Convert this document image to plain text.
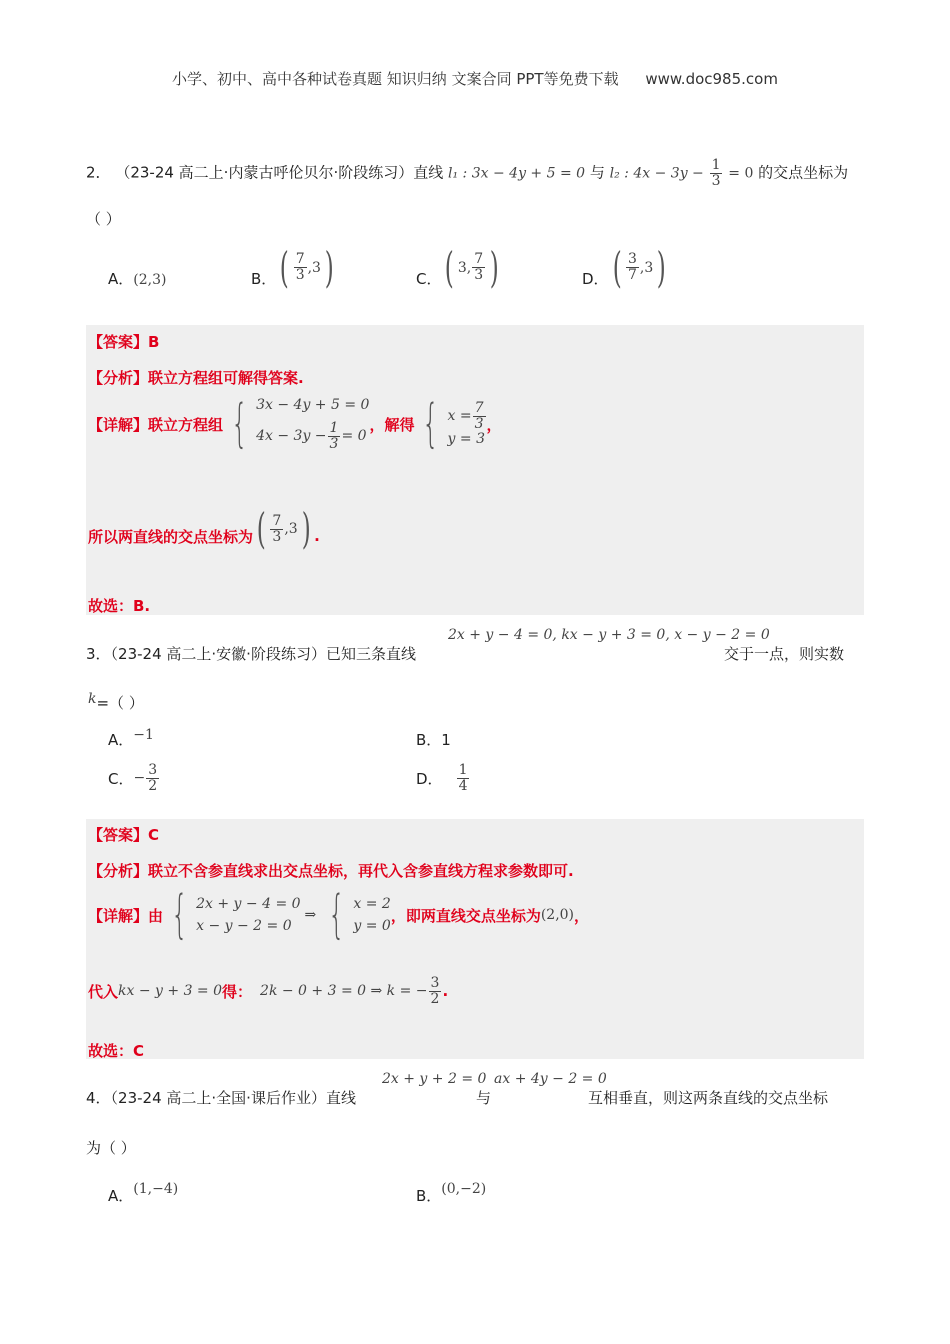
小学、初中、高中各种试卷真题 知识归纳 文案合同 PPT等免费下载 www.doc985.com
2． （23-24 高二上·内蒙古呼伦贝尔·阶段练习）直线 l₁ : 3x − 4y + 5 = 0 与 l₂ : $4x - 3y - \frac{1}{3} = 0$ 的交点坐标为
（ ）
A．(2,3)	B． ( $\frac{7}{3} ,3$ )	C． ( 3, $\frac{7}{3}$ )	D． ( $\frac{3}{7} ,3$ )
【答案】B
【分析】联立方程组可解得答案.
【详解】联立方程组 { 3x − 4y + 5 = 0
$4x - 3y - \frac{1}{3} = 0$
，解得 { $x = \frac{7}{3}$
y = 3
，
所以两直线的交点坐标为 ( $\frac{7}{3} ,3$ ) .
故选：B.
3．（23-24 高二上·安徽·阶段练习）已知三条直线
2x + y − 4 = 0, kx − y + 3 = 0, x − y − 2 = 0
交于一点，则实数
k=（ ）
A．−1	B．1
C． − $\frac{3}{2}$	D． $\frac{1}{4}$
【答案】C
【分析】联立不含参直线求出交点坐标，再代入含参直线方程求参数即可.
【详解】由 { 2x + y − 4 = 0
x − y − 2 = 0
⇒ { x = 2
y = 0
，即两直线交点坐标为 (2,0) ，
代入 kx − y + 3 = 0 得： 2k − 0 + 3 = 0 ⇒ k = − $\frac{3}{2}$ .
故选：C
4．（23-24 高二上·全国·课后作业）直线
2x + y + 2 = 0
与
ax + 4y − 2 = 0
互相垂直，则这两条直线的交点坐标
为（ ）
A．(1,−4)	B．(0,−2)
